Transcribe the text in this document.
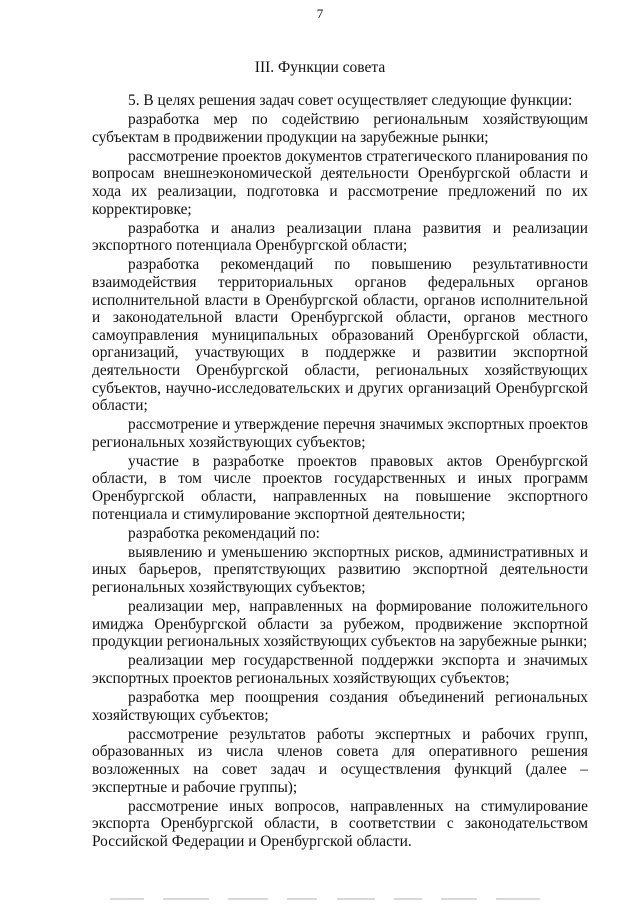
7
III. Функции совета

5. В целях решения задач совет осуществляет следующие функции:

разработка мер по содействию региональным хозяйствующим субъектам в продвижении продукции на зарубежные рынки;

рассмотрение проектов документов стратегического планирования по вопросам внешнеэкономической деятельности Оренбургской области и хода их реализации, подготовка и рассмотрение предложений по их корректировке;

разработка и анализ реализации плана развития и реализации экспортного потенциала Оренбургской области;

разработка рекомендаций по повышению результативности взаимодействия территориальных органов федеральных органов исполнительной власти в Оренбургской области, органов исполнительной и законодательной власти Оренбургской области, органов местного самоуправления муниципальных образований Оренбургской области, организаций, участвующих в поддержке и развитии экспортной деятельности Оренбургской области, региональных хозяйствующих субъектов, научно-исследовательских и других организаций Оренбургской области;

рассмотрение и утверждение перечня значимых экспортных проектов региональных хозяйствующих субъектов;

участие в разработке проектов правовых актов Оренбургской области, в том числе проектов государственных и иных программ Оренбургской области, направленных на повышение экспортного потенциала и стимулирование экспортной деятельности;

разработка рекомендаций по:

выявлению и уменьшению экспортных рисков, административных и иных барьеров, препятствующих развитию экспортной деятельности региональных хозяйствующих субъектов;

реализации мер, направленных на формирование положительного имиджа Оренбургской области за рубежом, продвижение экспортной продукции региональных хозяйствующих субъектов на зарубежные рынки;

реализации мер государственной поддержки экспорта и значимых экспортных проектов региональных хозяйствующих субъектов;

разработка мер поощрения создания объединений региональных хозяйствующих субъектов;

рассмотрение результатов работы экспертных и рабочих групп, образованных из числа членов совета для оперативного решения возложенных на совет задач и осуществления функций (далее – экспертные и рабочие группы);

рассмотрение иных вопросов, направленных на стимулирование экспорта Оренбургской области, в соответствии с законодательством Российской Федерации и Оренбургской области.
